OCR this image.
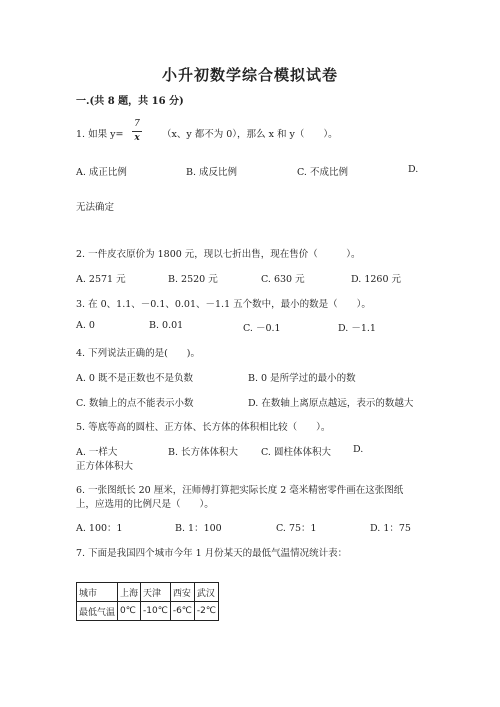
小升初数学综合模拟试卷
一.(共 8 题，共 16 分)
1. 如果 y=
7
x	（x、y 都不为 0），那么 x 和 y（　　）。
A. 成正比例	B. 成反比例	C. 不成比例	D.
无法确定
2. 一件皮衣原价为 1800 元，现以七折出售，现在售价（　　　）。
A. 2571 元	B. 2520 元	C. 630 元	D. 1260 元
3. 在 0、1.1、－0.1、0.01、－1.1 五个数中，最小的数是（　　）。
A. 0	B. 0.01	C. －0.1	D. －1.1
4. 下列说法正确的是(　　)。
A. 0 既不是正数也不是负数	B. 0 是所学过的最小的数
C. 数轴上的点不能表示小数	D. 在数轴上离原点越远，表示的数越大
5. 等底等高的圆柱、正方体、长方体的体积相比较（　　）。
A. 一样大	B. 长方体体积大 C. 圆柱体体积大 D.
正方体体积大
6. 一张图纸长 20 厘米，汪师傅打算把实际长度 2 毫米精密零件画在这张图纸
上，应选用的比例尺是（　　）。
A. 100：1	B. 1：100	C. 75：1	D. 1：75
7. 下面是我国四个城市今年 1 月份某天的最低气温情况统计表：
城市	上海	天津	西安	武汉
最低气温	0℃	-10℃	-6℃	-2℃
